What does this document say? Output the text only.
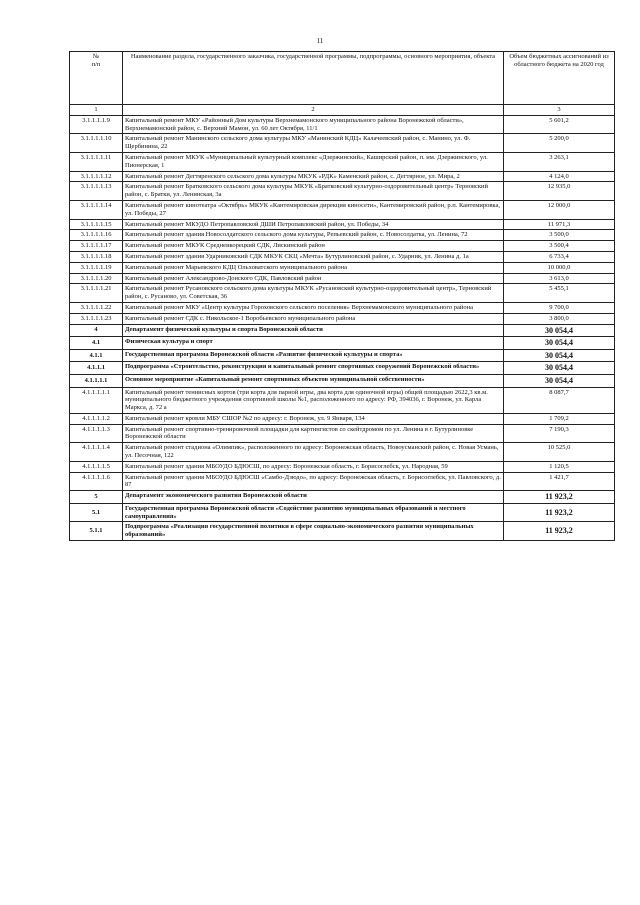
11
№
п/п	Наименование раздела, государственного заказчика, государственной программы, подпрограммы, основного мероприятия, объекта	Объем бюджетных ассигнований из областного бюджета на 2020 год
1	2	3
3.1.1.1.1.9	Капитальный ремонт МКУ «Районный Дом культуры Верхнемамонского муниципального района Воронежской области», Верхнемамонский район, с. Верхний Мамон, ул. 60 лет Октября, 11/1	5 601,2
3.1.1.1.1.10	Капитальный ремонт Манинского сельского дома культуры МКУ «Манинский КДЦ» Калачеевский район, с. Манино, ул. Ф. Щербинина, 22	5 200,0
3.1.1.1.1.11	Капитальный ремонт МКУК «Муниципальный культурный комплекс «Дзержинский», Каширский район, п. им. Дзержинского, ул. Пионерская, 1	3 263,1
3.1.1.1.1.12	Капитальный ремонт Дегтяренского сельского дома культуры МКУК «РДК» Каменский район, с. Дегтярное, ул. Мира, 2	4 124,0
3.1.1.1.1.13	Капитальный ремонт Братковского сельского дома культуры МКУК «Братковский культурно-оздоровительный центр» Терновский район, с. Братки, ул. Ленинская, 3а	12 935,0
3.1.1.1.1.14	Капитальный ремонт кинотеатра «Октябрь» МКУК «Кантемировская дирекция киносети», Кантемировский район, р.п. Кантемировка, ул. Победы, 27	12 000,0
3.1.1.1.1.15	Капитальный ремонт МКУДО Петропавловской ДШИ Петропавловский район, ул. Победы, 34	11 971,3
3.1.1.1.1.16	Капитальный ремонт здания Новосолдатского сельского дома культуры, Репьевский район, с. Новосолдатка, ул. Ленина, 72	3 500,0
3.1.1.1.1.17	Капитальный ремонт МКУК Среднеикорецкий СДК, Лискинский район	3 500,4
3.1.1.1.1.18	Капитальный ремонт здания Ударниковский СДК МКУК СКЦ «Мечта» Бутурлиновский район, с. Ударник, ул. Ленина д. 1а	6 733,4
3.1.1.1.1.19	Капитальный ремонт Марьевского КДЦ Ольховатского муниципального района	10 000,0
3.1.1.1.1.20	Капитальный ремонт Александрово-Донского СДК, Павловский район	3 613,0
3.1.1.1.1.21	Капитальный ремонт Русановского сельского дома культуры МКУК «Русановский культурно-оздоровительный центр», Терновский район, с. Русаново, ул. Советская, 36	5 455,1
3.1.1.1.1.22	Капитальный ремонт МКУ «Центр культуры Гороховского сельского поселения» Верхнемамонского муниципального района	9 700,0
3.1.1.1.1.23	Капитальный ремонт СДК с. Никольское-1 Воробьевского муниципального района	3 800,0
4	Департамент физической культуры и спорта Воронежской области	30 054,4
4.1	Физическая культура и спорт	30 054,4
4.1.1	Государственная программа Воронежской области «Развитие физической культуры и спорта»	30 054,4
4.1.1.1	Подпрограмма «Строительство, реконструкция и капитальный ремонт спортивных сооружений Воронежской области»	30 054,4
4.1.1.1.1	Основное мероприятие «Капитальный ремонт спортивных объектов муниципальной собственности»	30 054,4
4.1.1.1.1.1	Капитальный ремонт теннисных кортов (три корта для парной игры, два корта для одиночной игры) общей площадью 2622,3 кв.м. муниципального бюджетного учреждения спортивной школы №1, расположенного по адресу: РФ, 394036, г. Воронеж, ул. Карла Маркса, д. 72 а	8 087,7
4.1.1.1.1.2	Капитальный ремонт кровли МБУ СШОР №2 по адресу: г. Воронеж, ул. 9 Января, 134	1 709,2
4.1.1.1.1.3	Капитальный ремонт спортивно-тренировочной площадки для картингистов со скейтдромом по ул. Ленина в г. Бутурлиновке Воронежской области	7 190,3
4.1.1.1.1.4	Капитальный ремонт стадиона «Олимпик», расположенного по адресу: Воронежская область, Новоусманский район, с. Новая Усмань, ул. Песочная, 122	10 525,0
4.1.1.1.1.5	Капитальный ремонт здания МБОУДО БДЮСШ, по адресу: Воронежская область, г. Борисоглебск, ул. Народная, 59	1 120,5
4.1.1.1.1.6	Капитальный ремонт здания МБОУДО БДЮСШ «Самбо-Дзюдо», по адресу: Воронежская область, г. Борисоглебск, ул. Павловского, д. 87	1 421,7
5	Департамент экономического развития Воронежской области	11 923,2
5.1	Государственная программа Воронежской области «Содействие развитию муниципальных образований и местного самоуправления»	11 923,2
5.1.1	Подпрограмма «Реализация государственной политики в сфере социально-экономического развития муниципальных образований»	11 923,2
